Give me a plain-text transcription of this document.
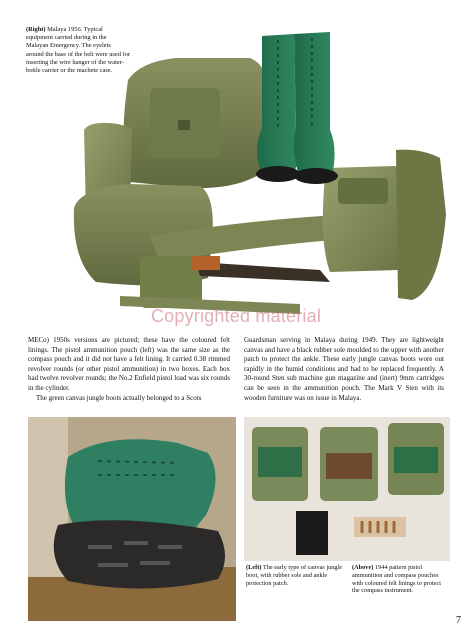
(Right) Malaya 1956. Typical equipment carried during in the Malayan Emergency. The eyelets around the base of the belt were used for inserting the wire hanger of the water-bottle carrier or the machete case.
Copyrighted material

MECo) 1950s versions are pictured; these have the coloured felt linings. The pistol ammunition pouch (left) was the same size as the compass pouch and it did not have a felt lining. It carried 0.38 rimmed revolver rounds (or other pistol ammunition) in two boxes. Each box had twelve revolver rounds; the No.2 Enfield pistol load was six rounds in the cylinder.

The green canvas jungle boots actually belonged to a Scots

Guardsman serving in Malaya during 1949. They are lightweight canvas and have a black rubber sole moulded to the upper with another patch to protect the ankle. These early jungle canvas boots wore out rapidly in the humid conditions and had to be replaced frequently. A 30-round Sten sub machine gun magazine and (inert) 9mm cartridges can be seen in the ammunition pouch. The Mark V Sten with its wooden furniture was on issue in Malaya.

(Left) The early type of canvas jungle boot, with rubber sole and ankle protection patch.
(Above) 1944 pattern pistol ammunition and compass pouches with coloured felt linings to protect the compass instrument.
7
